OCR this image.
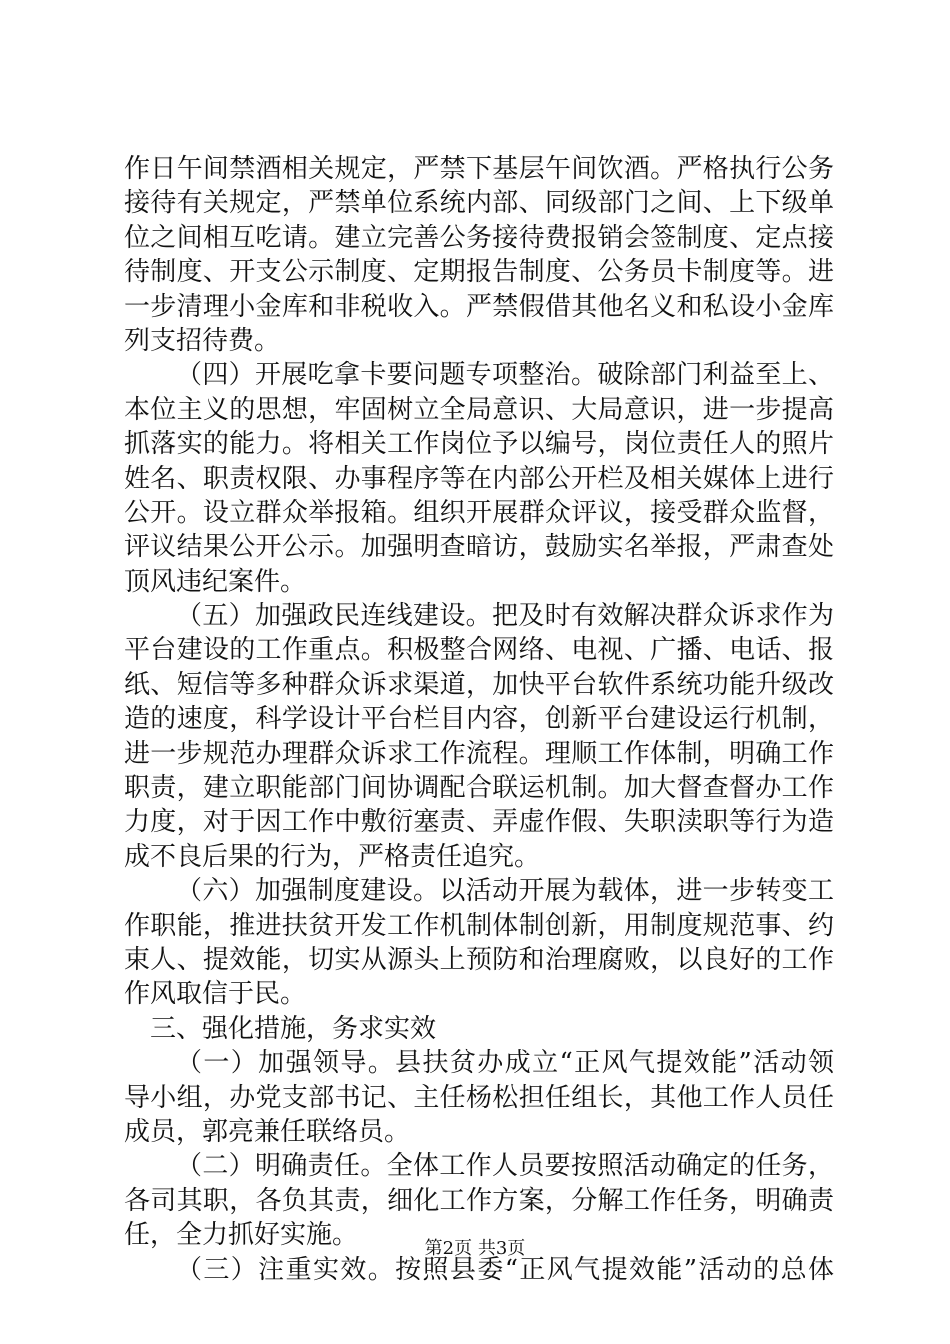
作日午间禁酒相关规定，严禁下基层午间饮酒。严格执行公务
接待有关规定，严禁单位系统内部、同级部门之间、上下级单
位之间相互吃请。建立完善公务接待费报销会签制度、定点接
待制度、开支公示制度、定期报告制度、公务员卡制度等。进
一步清理小金库和非税收入。严禁假借其他名义和私设小金库
列支招待费。
（四）开展吃拿卡要问题专项整治。破除部门利益至上、
本位主义的思想，牢固树立全局意识、大局意识，进一步提高
抓落实的能力。将相关工作岗位予以编号，岗位责任人的照片
姓名、职责权限、办事程序等在内部公开栏及相关媒体上进行
公开。设立群众举报箱。组织开展群众评议，接受群众监督，
评议结果公开公示。加强明查暗访，鼓励实名举报，严肃查处
顶风违纪案件。
（五）加强政民连线建设。把及时有效解决群众诉求作为
平台建设的工作重点。积极整合网络、电视、广播、电话、报
纸、短信等多种群众诉求渠道，加快平台软件系统功能升级改
造的速度，科学设计平台栏目内容，创新平台建设运行机制，
进一步规范办理群众诉求工作流程。理顺工作体制，明确工作
职责，建立职能部门间协调配合联运机制。加大督查督办工作
力度，对于因工作中敷衍塞责、弄虚作假、失职渎职等行为造
成不良后果的行为，严格责任追究。
（六）加强制度建设。以活动开展为载体，进一步转变工
作职能，推进扶贫开发工作机制体制创新，用制度规范事、约
束人、提效能，切实从源头上预防和治理腐败，以良好的工作
作风取信于民。
三、强化措施，务求实效
（一）加强领导。县扶贫办成立“正风气提效能”活动领
导小组，办党支部书记、主任杨松担任组长，其他工作人员任
成员，郭亮兼任联络员。
（二）明确责任。全体工作人员要按照活动确定的任务，
各司其职，各负其责，细化工作方案，分解工作任务，明确责
任，全力抓好实施。
（三）注重实效。按照县委“正风气提效能”活动的总体
第2页 共3页
